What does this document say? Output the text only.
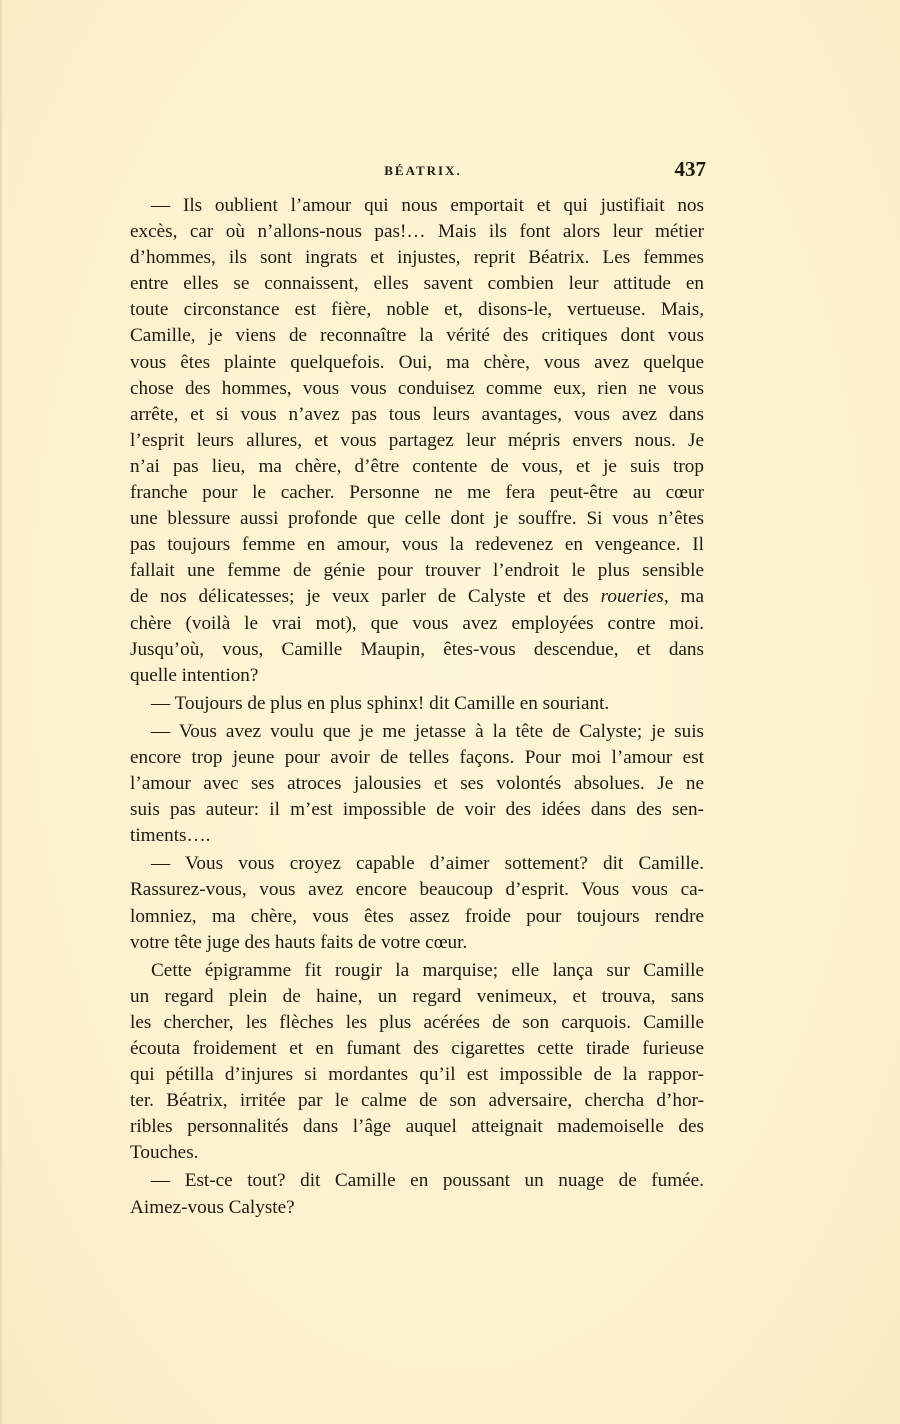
BÉATRIX.	437
— Ils oublient l’amour qui nous emportait et qui justifiait nos
excès, car où n’allons-nous pas!… Mais ils font alors leur métier
d’hommes, ils sont ingrats et injustes, reprit Béatrix. Les femmes
entre elles se connaissent, elles savent combien leur attitude en
toute circonstance est fière, noble et, disons-le, vertueuse. Mais,
Camille, je viens de reconnaître la vérité des critiques dont vous
vous êtes plainte quelquefois. Oui, ma chère, vous avez quelque
chose des hommes, vous vous conduisez comme eux, rien ne vous
arrête, et si vous n’avez pas tous leurs avantages, vous avez dans
l’esprit leurs allures, et vous partagez leur mépris envers nous. Je
n’ai pas lieu, ma chère, d’être contente de vous, et je suis trop
franche pour le cacher. Personne ne me fera peut-être au cœur
une blessure aussi profonde que celle dont je souffre. Si vous n’êtes
pas toujours femme en amour, vous la redevenez en vengeance. Il
fallait une femme de génie pour trouver l’endroit le plus sensible
de nos délicatesses; je veux parler de Calyste et des roueries, ma
chère (voilà le vrai mot), que vous avez employées contre moi.
Jusqu’où, vous, Camille Maupin, êtes-vous descendue, et dans
quelle intention?
— Toujours de plus en plus sphinx! dit Camille en souriant.
— Vous avez voulu que je me jetasse à la tête de Calyste; je suis
encore trop jeune pour avoir de telles façons. Pour moi l’amour est
l’amour avec ses atroces jalousies et ses volontés absolues. Je ne
suis pas auteur: il m’est impossible de voir des idées dans des sen-
timents….
— Vous vous croyez capable d’aimer sottement? dit Camille.
Rassurez-vous, vous avez encore beaucoup d’esprit. Vous vous ca-
lomniez, ma chère, vous êtes assez froide pour toujours rendre
votre tête juge des hauts faits de votre cœur.
Cette épigramme fit rougir la marquise; elle lança sur Camille
un regard plein de haine, un regard venimeux, et trouva, sans
les chercher, les flèches les plus acérées de son carquois. Camille
écouta froidement et en fumant des cigarettes cette tirade furieuse
qui pétilla d’injures si mordantes qu’il est impossible de la rappor-
ter. Béatrix, irritée par le calme de son adversaire, chercha d’hor-
ribles personnalités dans l’âge auquel atteignait mademoiselle des
Touches.
— Est-ce tout? dit Camille en poussant un nuage de fumée.
Aimez-vous Calyste?
